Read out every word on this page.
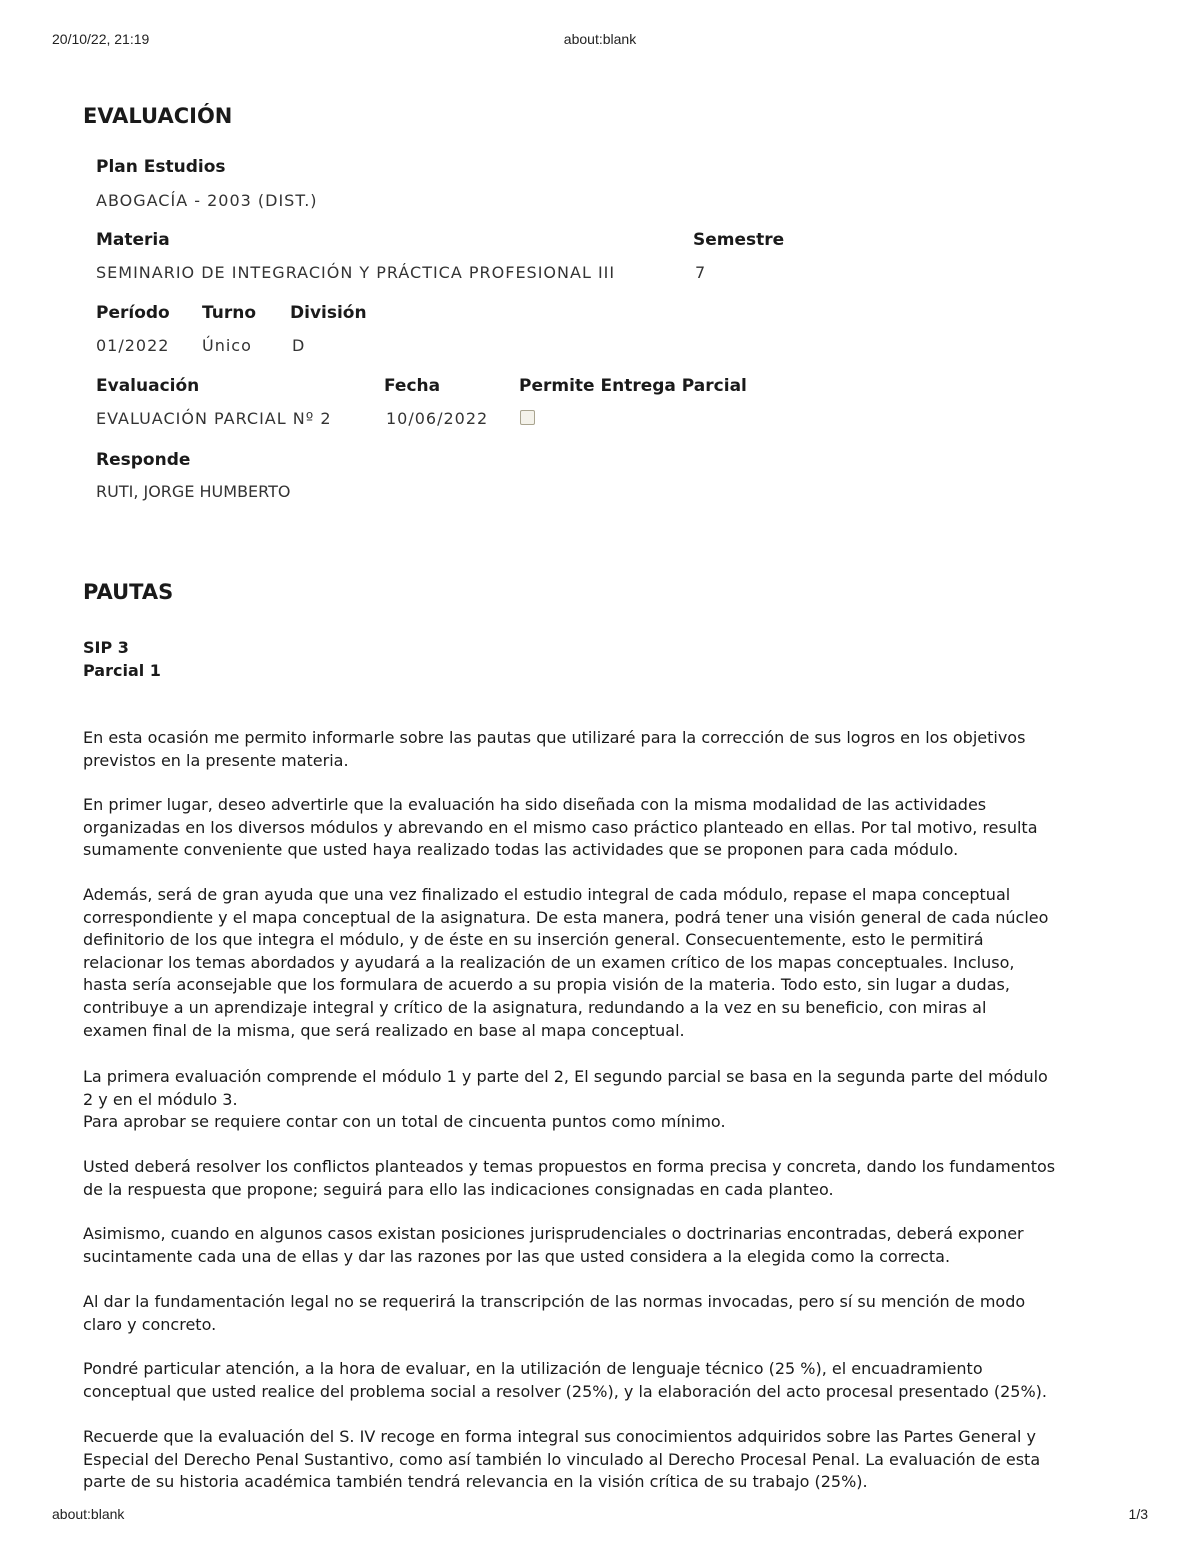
20/10/22, 21:19	about:blank
about:blank	1/3
EVALUACIÓN
Plan Estudios
ABOGACÍA - 2003 (DIST.)
Materia
SEMINARIO DE INTEGRACIÓN Y PRÁCTICA PROFESIONAL III
Semestre
7
Período
01/2022
Turno
Único
División
D
Evaluación
EVALUACIÓN PARCIAL Nº 2
Fecha
10/06/2022
Permite Entrega Parcial
Responde
RUTI, JORGE HUMBERTO
PAUTAS
SIP 3
Parcial 1

En esta ocasión me permito informarle sobre las pautas que utilizaré para la corrección de sus logros en los objetivos
previstos en la presente materia.

En primer lugar, deseo advertirle que la evaluación ha sido diseñada con la misma modalidad de las actividades
organizadas en los diversos módulos y abrevando en el mismo caso práctico planteado en ellas. Por tal motivo, resulta
sumamente conveniente que usted haya realizado todas las actividades que se proponen para cada módulo.

Además, será de gran ayuda que una vez finalizado el estudio integral de cada módulo, repase el mapa conceptual
correspondiente y el mapa conceptual de la asignatura. De esta manera, podrá tener una visión general de cada núcleo
definitorio de los que integra el módulo, y de éste en su inserción general. Consecuentemente, esto le permitirá
relacionar los temas abordados y ayudará a la realización de un examen crítico de los mapas conceptuales. Incluso,
hasta sería aconsejable que los formulara de acuerdo a su propia visión de la materia. Todo esto, sin lugar a dudas,
contribuye a un aprendizaje integral y crítico de la asignatura, redundando a la vez en su beneficio, con miras al
examen final de la misma, que será realizado en base al mapa conceptual.

La primera evaluación comprende el módulo 1 y parte del 2, El segundo parcial se basa en la segunda parte del módulo
2 y en el módulo 3.
Para aprobar se requiere contar con un total de cincuenta puntos como mínimo.

Usted deberá resolver los conflictos planteados y temas propuestos en forma precisa y concreta, dando los fundamentos
de la respuesta que propone; seguirá para ello las indicaciones consignadas en cada planteo.

Asimismo, cuando en algunos casos existan posiciones jurisprudenciales o doctrinarias encontradas, deberá exponer
sucintamente cada una de ellas y dar las razones por las que usted considera a la elegida como la correcta.

Al dar la fundamentación legal no se requerirá la transcripción de las normas invocadas, pero sí su mención de modo
claro y concreto.

Pondré particular atención, a la hora de evaluar, en la utilización de lenguaje técnico (25 %), el encuadramiento
conceptual que usted realice del problema social a resolver (25%), y la elaboración del acto procesal presentado (25%).

Recuerde que la evaluación del S. IV recoge en forma integral sus conocimientos adquiridos sobre las Partes General y
Especial del Derecho Penal Sustantivo, como así también lo vinculado al Derecho Procesal Penal. La evaluación de esta
parte de su historia académica también tendrá relevancia en la visión crítica de su trabajo (25%).
